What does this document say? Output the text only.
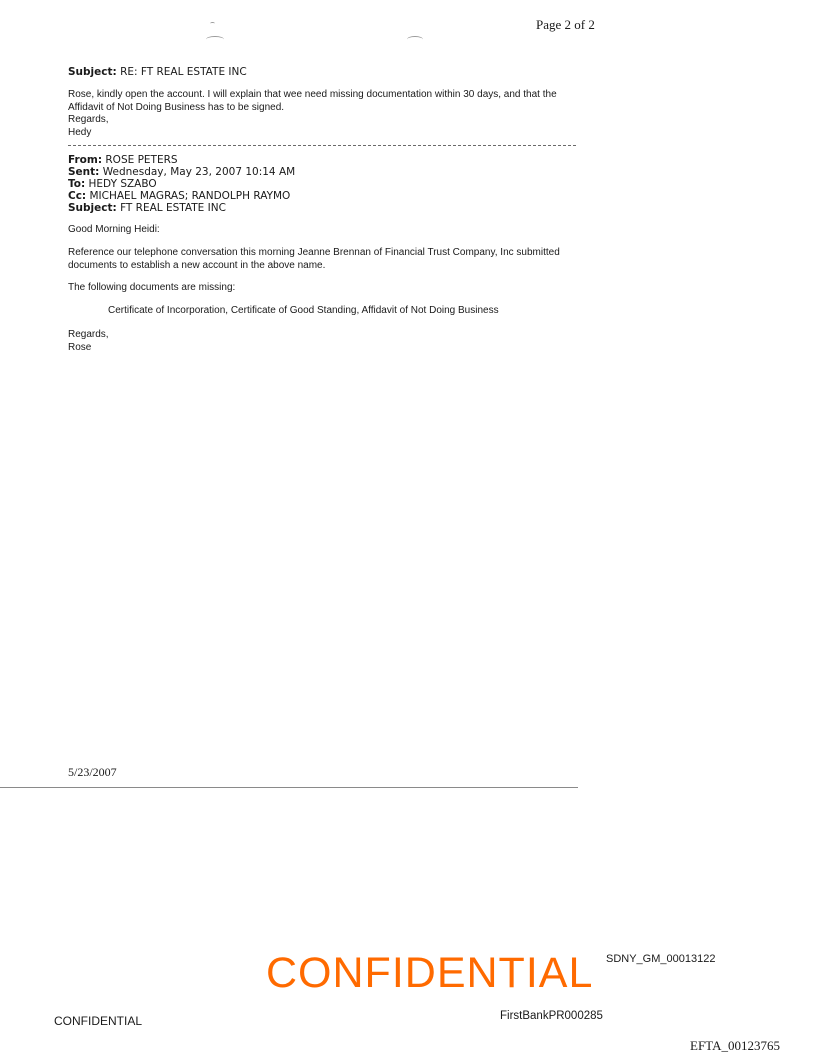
Page 2 of 2
Subject: RE: FT REAL ESTATE INC
Rose, kindly open the account. I will explain that wee need missing documentation within 30 days, and that the
Affidavit of Not Doing Business has to be signed.
Regards,
Hedy
From: ROSE PETERS
Sent: Wednesday, May 23, 2007 10:14 AM
To: HEDY SZABO
Cc: MICHAEL MAGRAS; RANDOLPH RAYMO
Subject: FT REAL ESTATE INC
Good Morning Heidi:
Reference our telephone conversation this morning Jeanne Brennan of Financial Trust Company, Inc submitted
documents to establish a new account in the above name.
The following documents are missing:
Certificate of Incorporation, Certificate of Good Standing, Affidavit of Not Doing Business
Regards,
Rose
5/23/2007
SDNY_GM_00013122
CONFIDENTIAL
CONFIDENTIAL	FirstBankPR000285
EFTA_00123765
